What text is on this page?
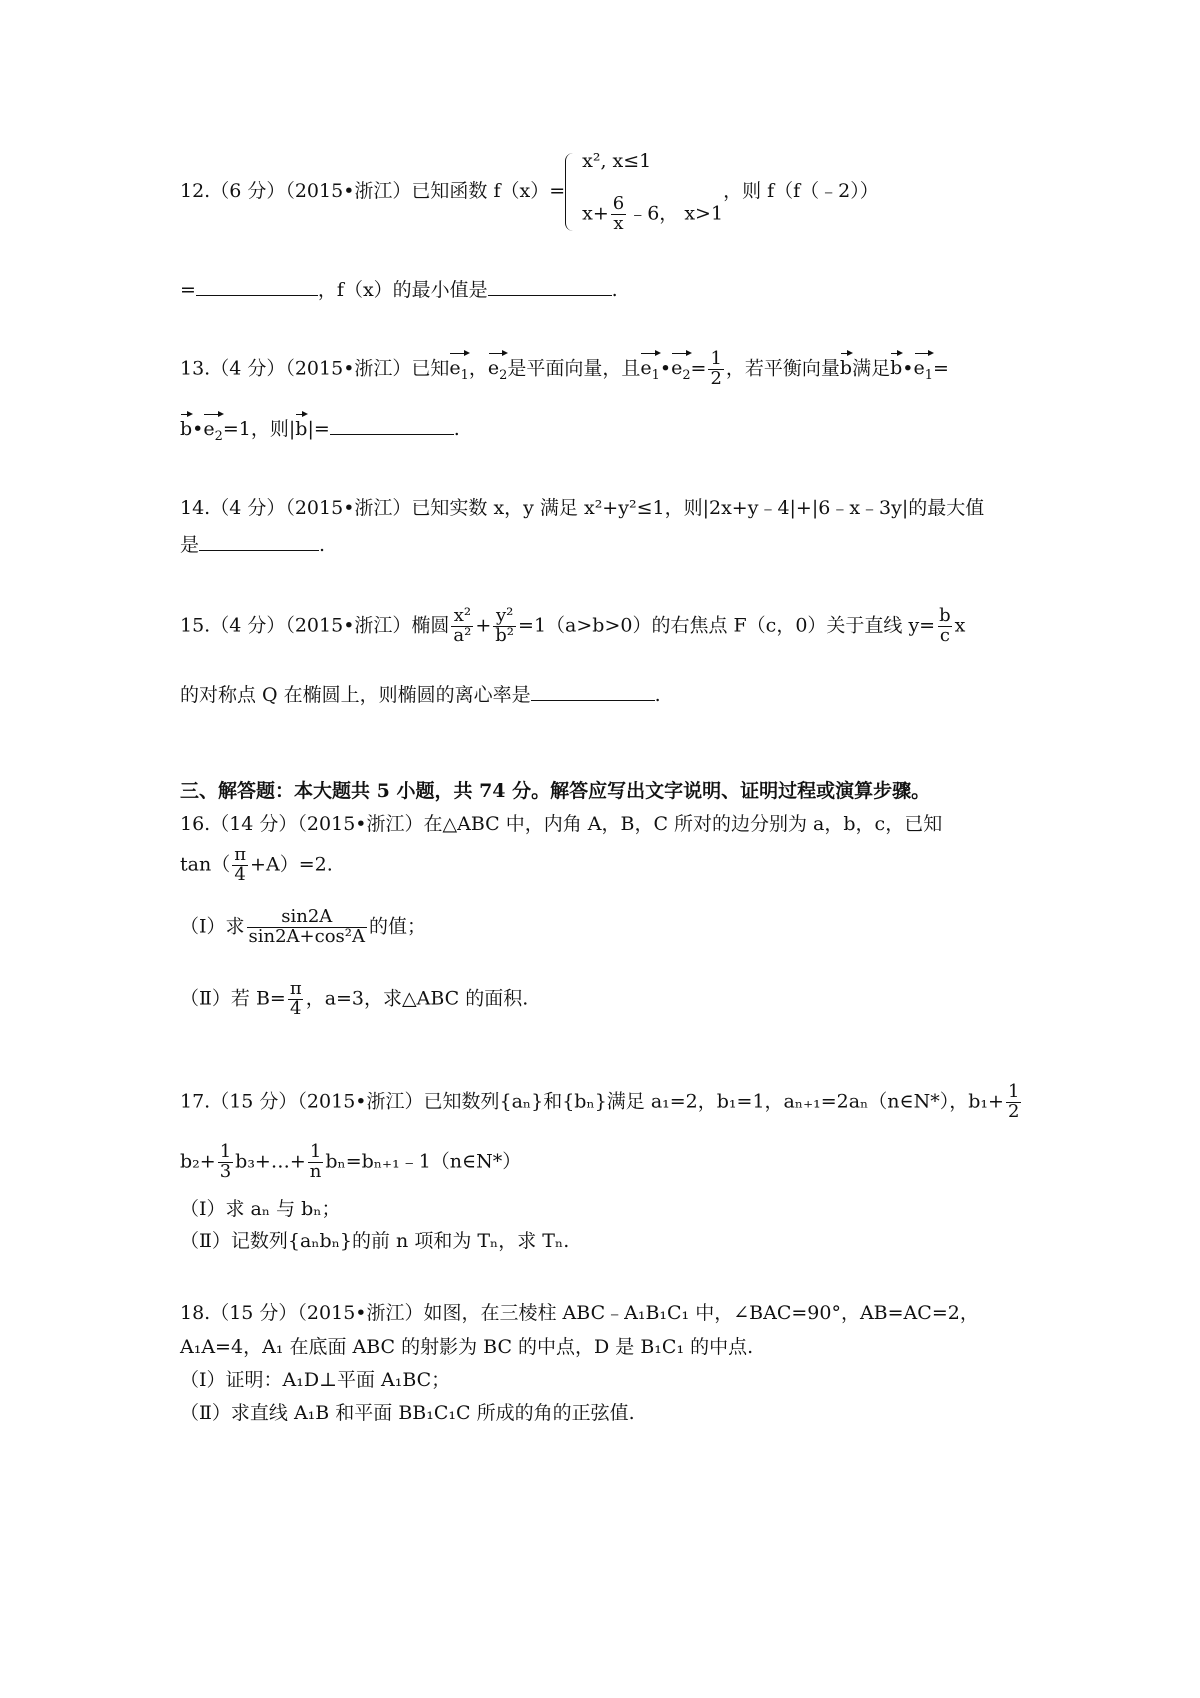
12.（6 分）（2015•浙江）已知函数 f（x）=
x², x≤1
$x+ \frac{6}{x}$ ﹣6， x>1
，则 f（f（﹣2））
=	，f（x）的最小值是	.
13.（4 分）（2015•浙江）已知$e_1$，$e_2$是平面向量，且$e_1•e_2= \frac{1}{2}$ ，若平衡向量b满足$b•e_1=$
$b•e_2=1$，则|b|=	.
14.（4 分）（2015•浙江）已知实数 x，y 满足 x²+y²≤1，则|2x+y﹣4|+|6﹣x﹣3y|的最大值
是	.
15.（4 分）（2015•浙江）椭圆 $\frac{\text{x²}}{\text{a²}} + \frac{\text{y²}}{\text{b²}} =1(a>b>0)$的右焦点 F（c，0）关于直线 $y= \frac{b}{c}$ x
的对称点 Q 在椭圆上，则椭圆的离心率是	.
三、解答题：本大题共 5 小题，共 74 分。解答应写出文字说明、证明过程或演算步骤。
16.（14 分）（2015•浙江）在△ABC 中，内角 A，B，C 所对的边分别为 a，b，c，已知
$\tan( \frac{\pi}{4} +A)=2$.
（Ⅰ）求 $\frac{\sin 2A}{\text{sin2A+cos²A}}$ 的值；
（Ⅱ）若 $B= \frac{\pi}{4}$ ，a=3，求△ABC 的面积.
17.（15 分）（2015•浙江）已知数列{aₙ}和{bₙ}满足 a₁=2，b₁=1，aₙ₊₁=2aₙ（n∈N*），$b_1+ \frac{1}{2}$
$b_2+ \frac{1}{3}$ b₃+…+ $\frac{1}{n}$ bₙ=bₙ₊₁﹣1（n∈N*）
（Ⅰ）求 aₙ 与 bₙ；
（Ⅱ）记数列{aₙbₙ}的前 n 项和为 Tₙ，求 Tₙ.
18.（15 分）（2015•浙江）如图，在三棱柱 ABC﹣A₁B₁C₁ 中，∠BAC=90°，AB=AC=2，
A₁A=4，A₁ 在底面 ABC 的射影为 BC 的中点，D 是 B₁C₁ 的中点.
（Ⅰ）证明：A₁D⊥平面 A₁BC；
（Ⅱ）求直线 A₁B 和平面 BB₁C₁C 所成的角的正弦值.
